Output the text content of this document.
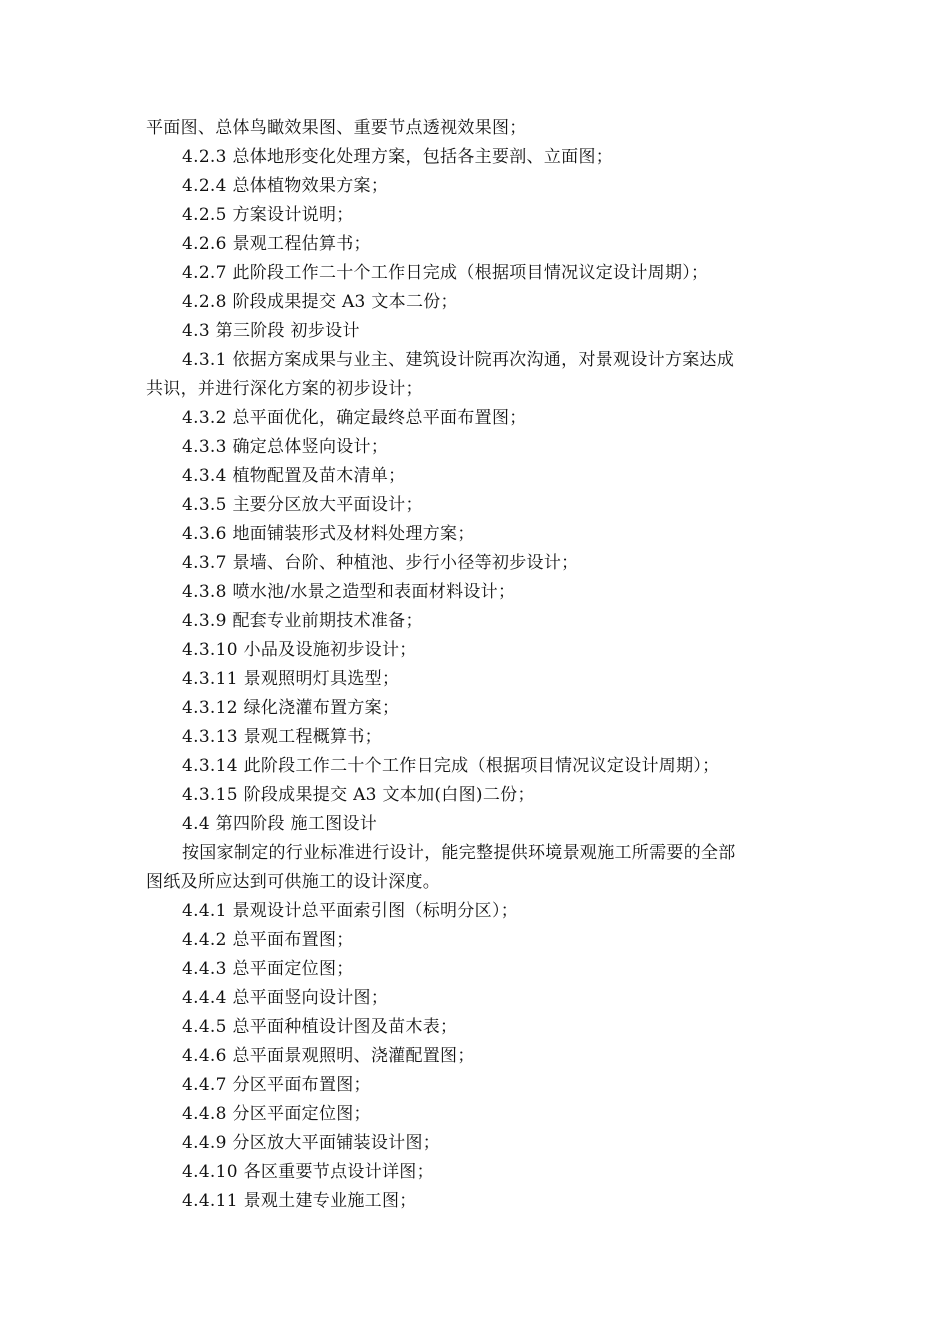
平面图、总体鸟瞰效果图、重要节点透视效果图；
4.2.3 总体地形变化处理方案，包括各主要剖、立面图；
4.2.4 总体植物效果方案；
4.2.5 方案设计说明；
4.2.6 景观工程估算书；
4.2.7 此阶段工作二十个工作日完成（根据项目情况议定设计周期）；
4.2.8 阶段成果提交 A3 文本二份；
4.3 第三阶段 初步设计
4.3.1 依据方案成果与业主、建筑设计院再次沟通，对景观设计方案达成
共识，并进行深化方案的初步设计；
4.3.2 总平面优化，确定最终总平面布置图；
4.3.3 确定总体竖向设计；
4.3.4 植物配置及苗木清单；
4.3.5 主要分区放大平面设计；
4.3.6 地面铺装形式及材料处理方案；
4.3.7 景墙、台阶、种植池、步行小径等初步设计；
4.3.8 喷水池/水景之造型和表面材料设计；
4.3.9 配套专业前期技术准备；
4.3.10 小品及设施初步设计；
4.3.11 景观照明灯具选型；
4.3.12 绿化浇灌布置方案；
4.3.13 景观工程概算书；
4.3.14 此阶段工作二十个工作日完成（根据项目情况议定设计周期）；
4.3.15 阶段成果提交 A3 文本加(白图)二份；
4.4 第四阶段 施工图设计
按国家制定的行业标准进行设计，能完整提供环境景观施工所需要的全部
图纸及所应达到可供施工的设计深度。
4.4.1 景观设计总平面索引图（标明分区）；
4.4.2 总平面布置图；
4.4.3 总平面定位图；
4.4.4 总平面竖向设计图；
4.4.5 总平面种植设计图及苗木表；
4.4.6 总平面景观照明、浇灌配置图；
4.4.7 分区平面布置图；
4.4.8 分区平面定位图；
4.4.9 分区放大平面铺装设计图；
4.4.10 各区重要节点设计详图；
4.4.11 景观土建专业施工图；
